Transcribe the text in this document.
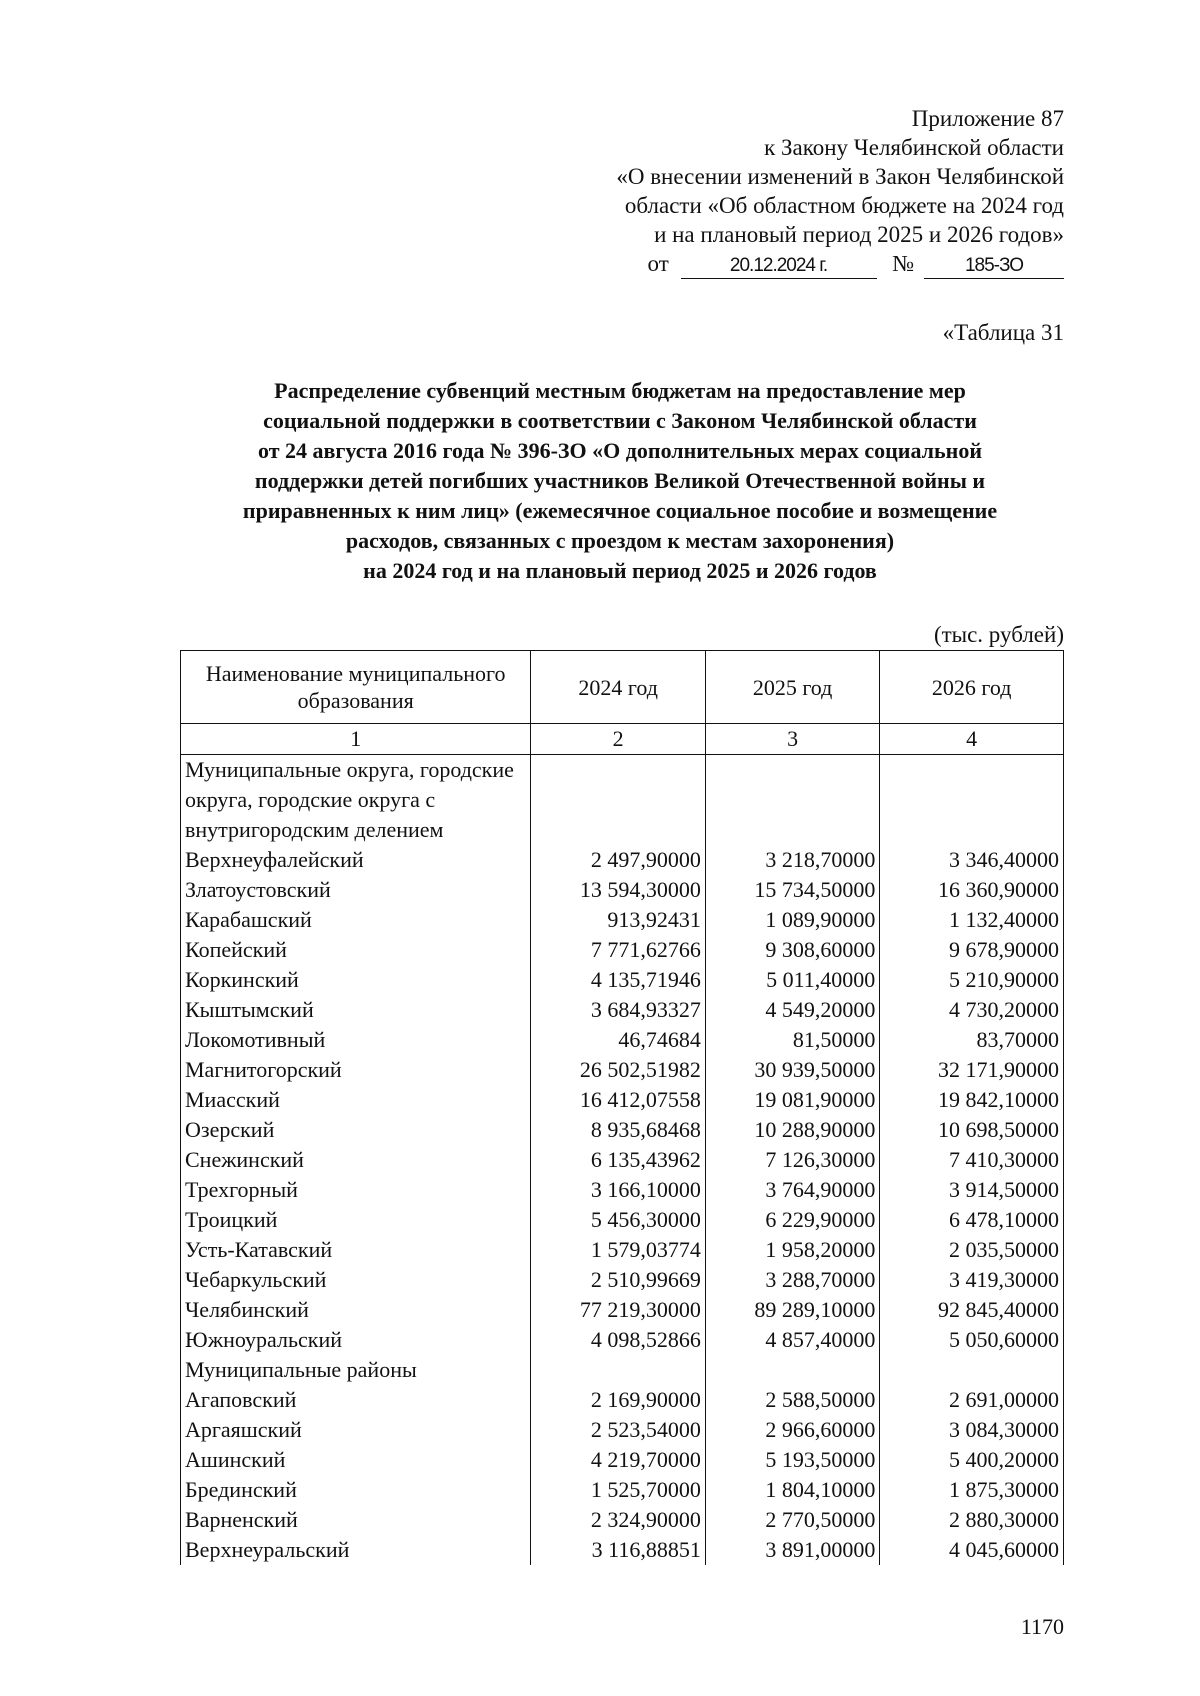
Приложение 87
к Закону Челябинской области
«О внесении изменений в Закон Челябинской
области «Об областном бюджете на 2024 год
и на плановый период 2025 и 2026 годов»
от	20.12.2024 г.	№	185-ЗО
«Таблица 31
Распределение субвенций местным бюджетам на предоставление мер
социальной поддержки в соответствии с Законом Челябинской области
от 24 августа 2016 года № 396-ЗО «О дополнительных мерах социальной
поддержки детей погибших участников Великой Отечественной войны и
приравненных к ним лиц» (ежемесячное социальное пособие и возмещение
расходов, связанных с проездом к местам захоронения)
на 2024 год и на плановый период 2025 и 2026 годов
(тыс. рублей)
Наименование муниципального образования	2024 год	2025 год	2026 год
1	2	3	4
Муниципальные округа, городские округа, городские округа с внутригородским делением			
Верхнеуфалейский	2 497,90000	3 218,70000	3 346,40000
Златоустовский	13 594,30000	15 734,50000	16 360,90000
Карабашский	913,92431	1 089,90000	1 132,40000
Копейский	7 771,62766	9 308,60000	9 678,90000
Коркинский	4 135,71946	5 011,40000	5 210,90000
Кыштымский	3 684,93327	4 549,20000	4 730,20000
Локомотивный	46,74684	81,50000	83,70000
Магнитогорский	26 502,51982	30 939,50000	32 171,90000
Миасский	16 412,07558	19 081,90000	19 842,10000
Озерский	8 935,68468	10 288,90000	10 698,50000
Снежинский	6 135,43962	7 126,30000	7 410,30000
Трехгорный	3 166,10000	3 764,90000	3 914,50000
Троицкий	5 456,30000	6 229,90000	6 478,10000
Усть-Катавский	1 579,03774	1 958,20000	2 035,50000
Чебаркульский	2 510,99669	3 288,70000	3 419,30000
Челябинский	77 219,30000	89 289,10000	92 845,40000
Южноуральский	4 098,52866	4 857,40000	5 050,60000
Муниципальные районы			
Агаповский	2 169,90000	2 588,50000	2 691,00000
Аргаяшский	2 523,54000	2 966,60000	3 084,30000
Ашинский	4 219,70000	5 193,50000	5 400,20000
Брединский	1 525,70000	1 804,10000	1 875,30000
Варненский	2 324,90000	2 770,50000	2 880,30000
Верхнеуральский	3 116,88851	3 891,00000	4 045,60000
1170
